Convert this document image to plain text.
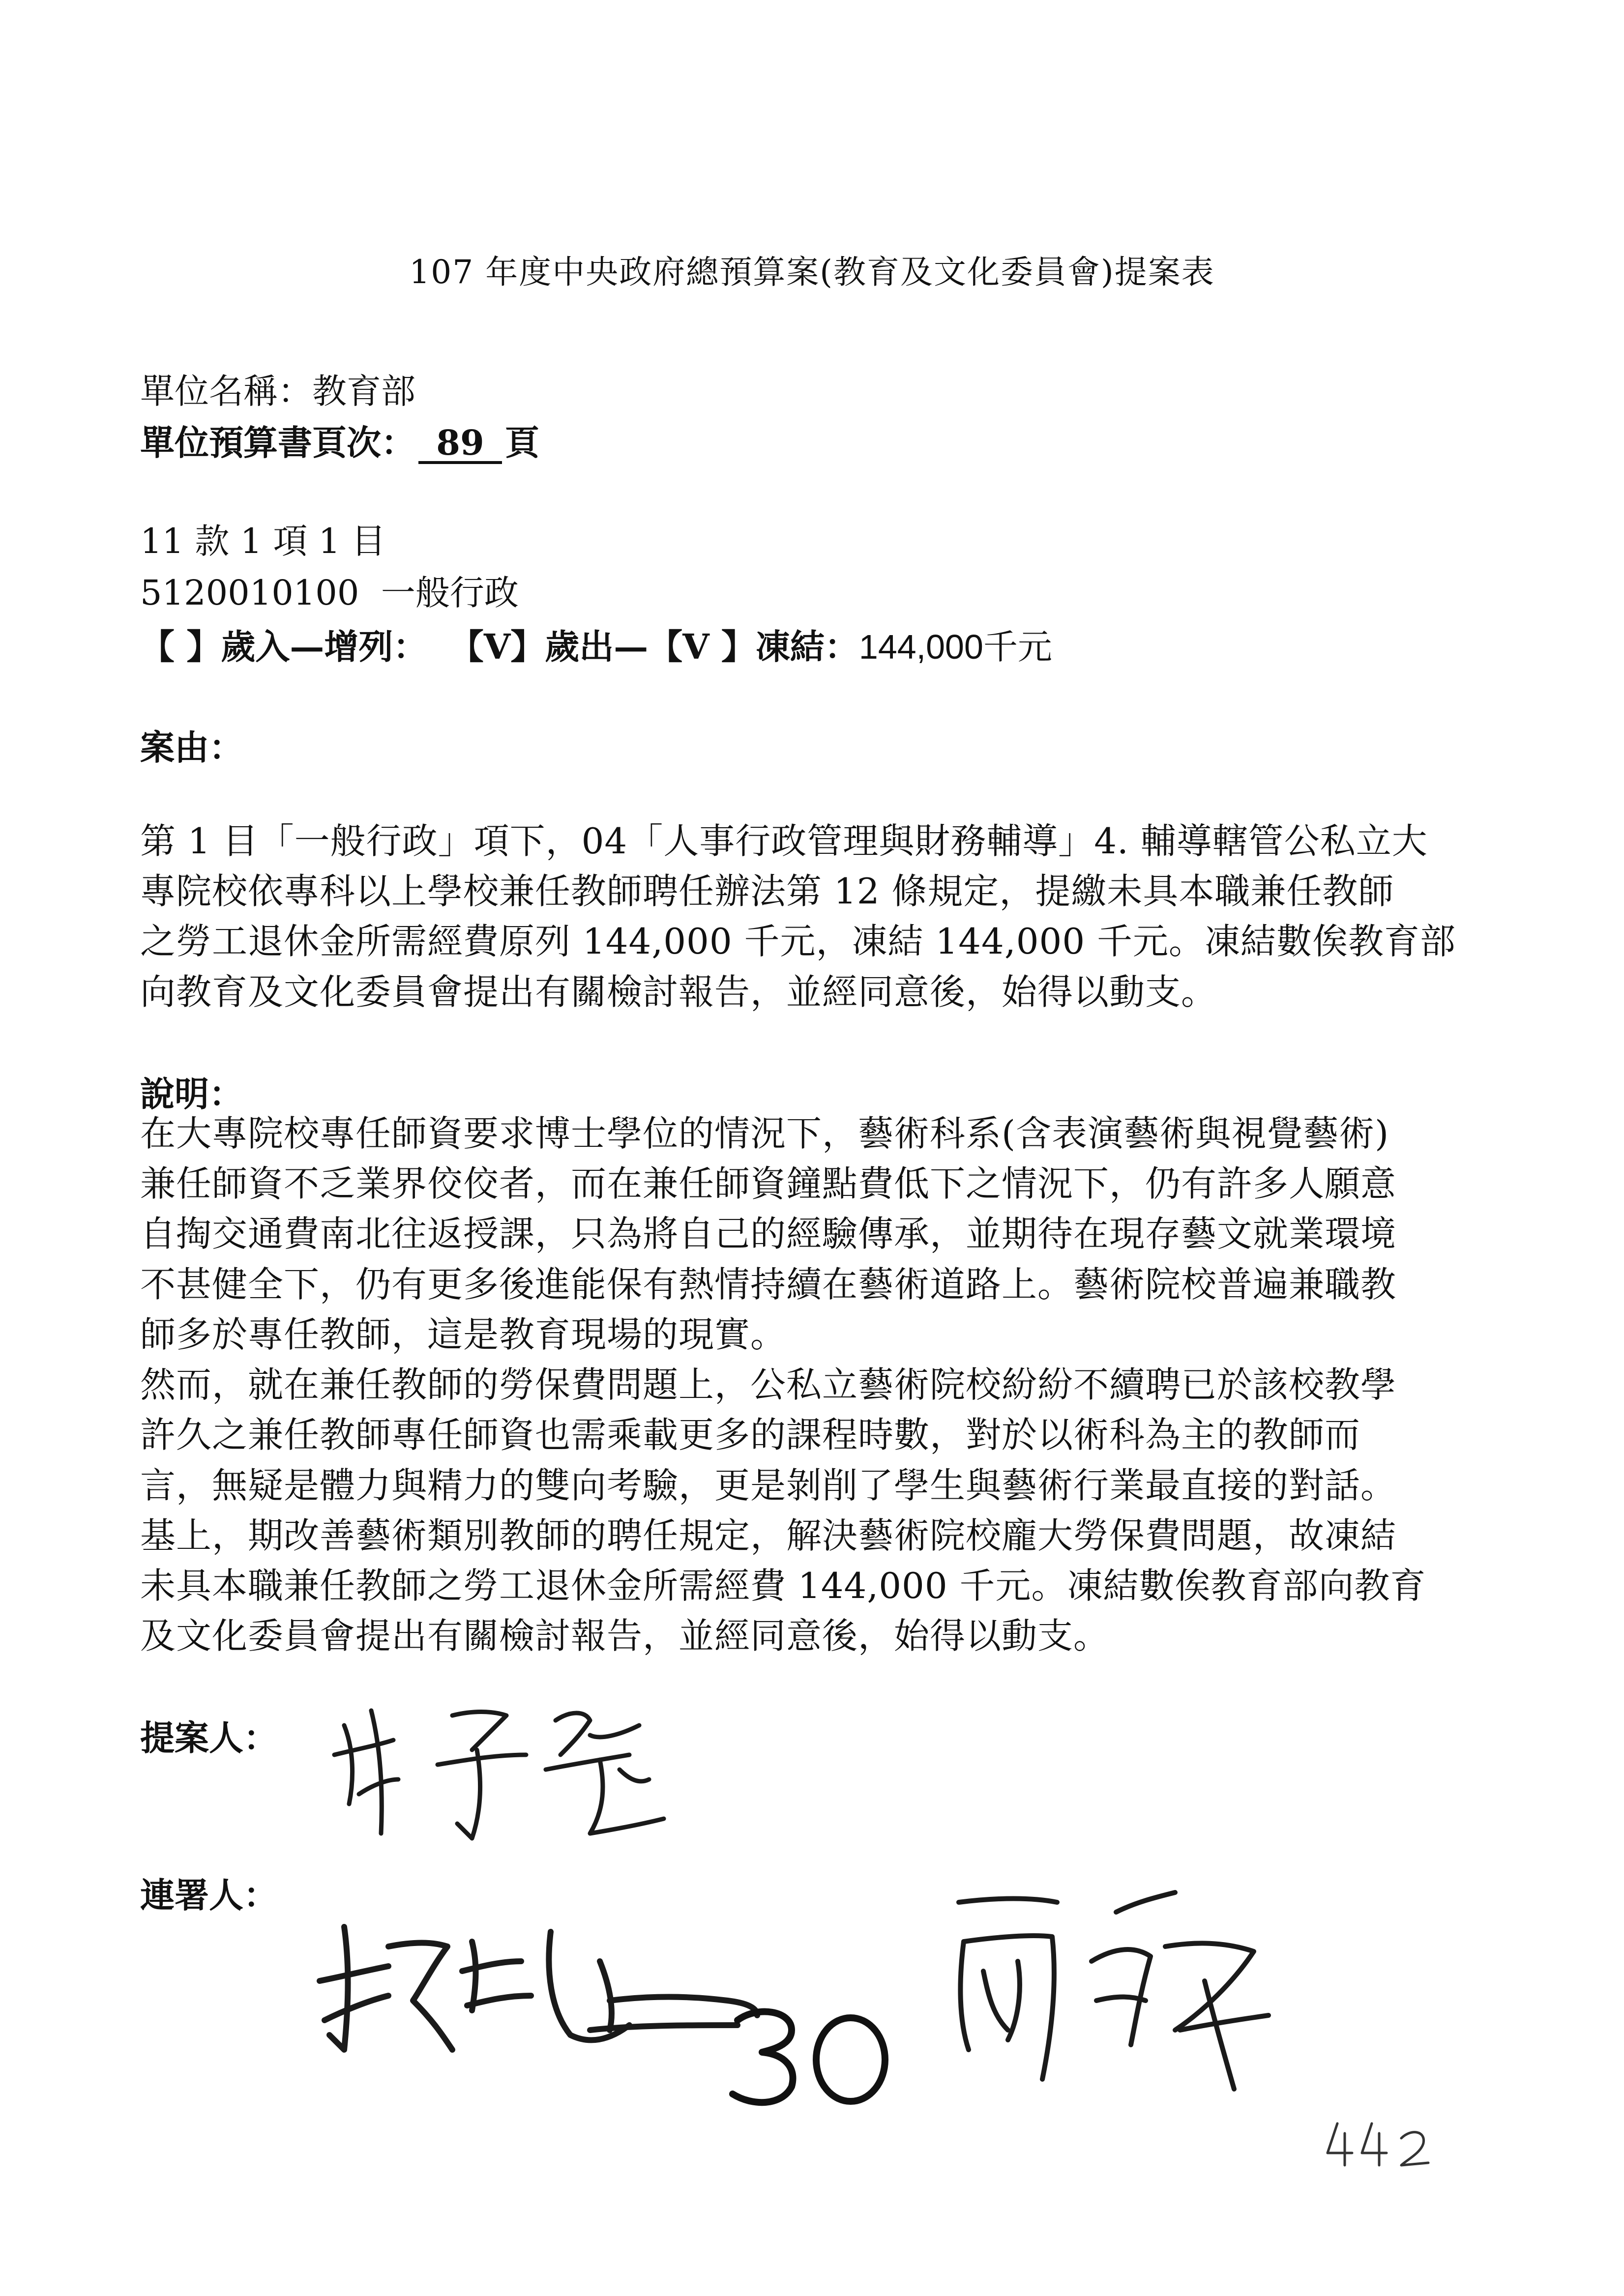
107 年度中央政府總預算案(教育及文化委員會)提案表
單位名稱：教育部
單位預算書頁次： 89 頁
11 款 1 項 1 目
5120010100 一般行政
【 】歲入—增列： 【V】歲出—【V 】凍結：144,000千元
案由：
第 1 目「一般行政」項下，04「人事行政管理與財務輔導」4. 輔導轄管公私立大
專院校依專科以上學校兼任教師聘任辦法第 12 條規定，提繳未具本職兼任教師
之勞工退休金所需經費原列 144,000 千元，凍結 144,000 千元。凍結數俟教育部
向教育及文化委員會提出有關檢討報告，並經同意後，始得以動支。
說明：
在大專院校專任師資要求博士學位的情況下，藝術科系(含表演藝術與視覺藝術)
兼任師資不乏業界佼佼者，而在兼任師資鐘點費低下之情況下，仍有許多人願意
自掏交通費南北往返授課，只為將自己的經驗傳承，並期待在現存藝文就業環境
不甚健全下，仍有更多後進能保有熱情持續在藝術道路上。藝術院校普遍兼職教
師多於專任教師，這是教育現場的現實。
然而，就在兼任教師的勞保費問題上，公私立藝術院校紛紛不續聘已於該校教學
許久之兼任教師專任師資也需乘載更多的課程時數，對於以術科為主的教師而
言，無疑是體力與精力的雙向考驗，更是剝削了學生與藝術行業最直接的對話。
基上，期改善藝術類別教師的聘任規定，解決藝術院校龐大勞保費問題，故凍結
未具本職兼任教師之勞工退休金所需經費 144,000 千元。凍結數俟教育部向教育
及文化委員會提出有關檢討報告，並經同意後，始得以動支。
提案人：
連署人：
